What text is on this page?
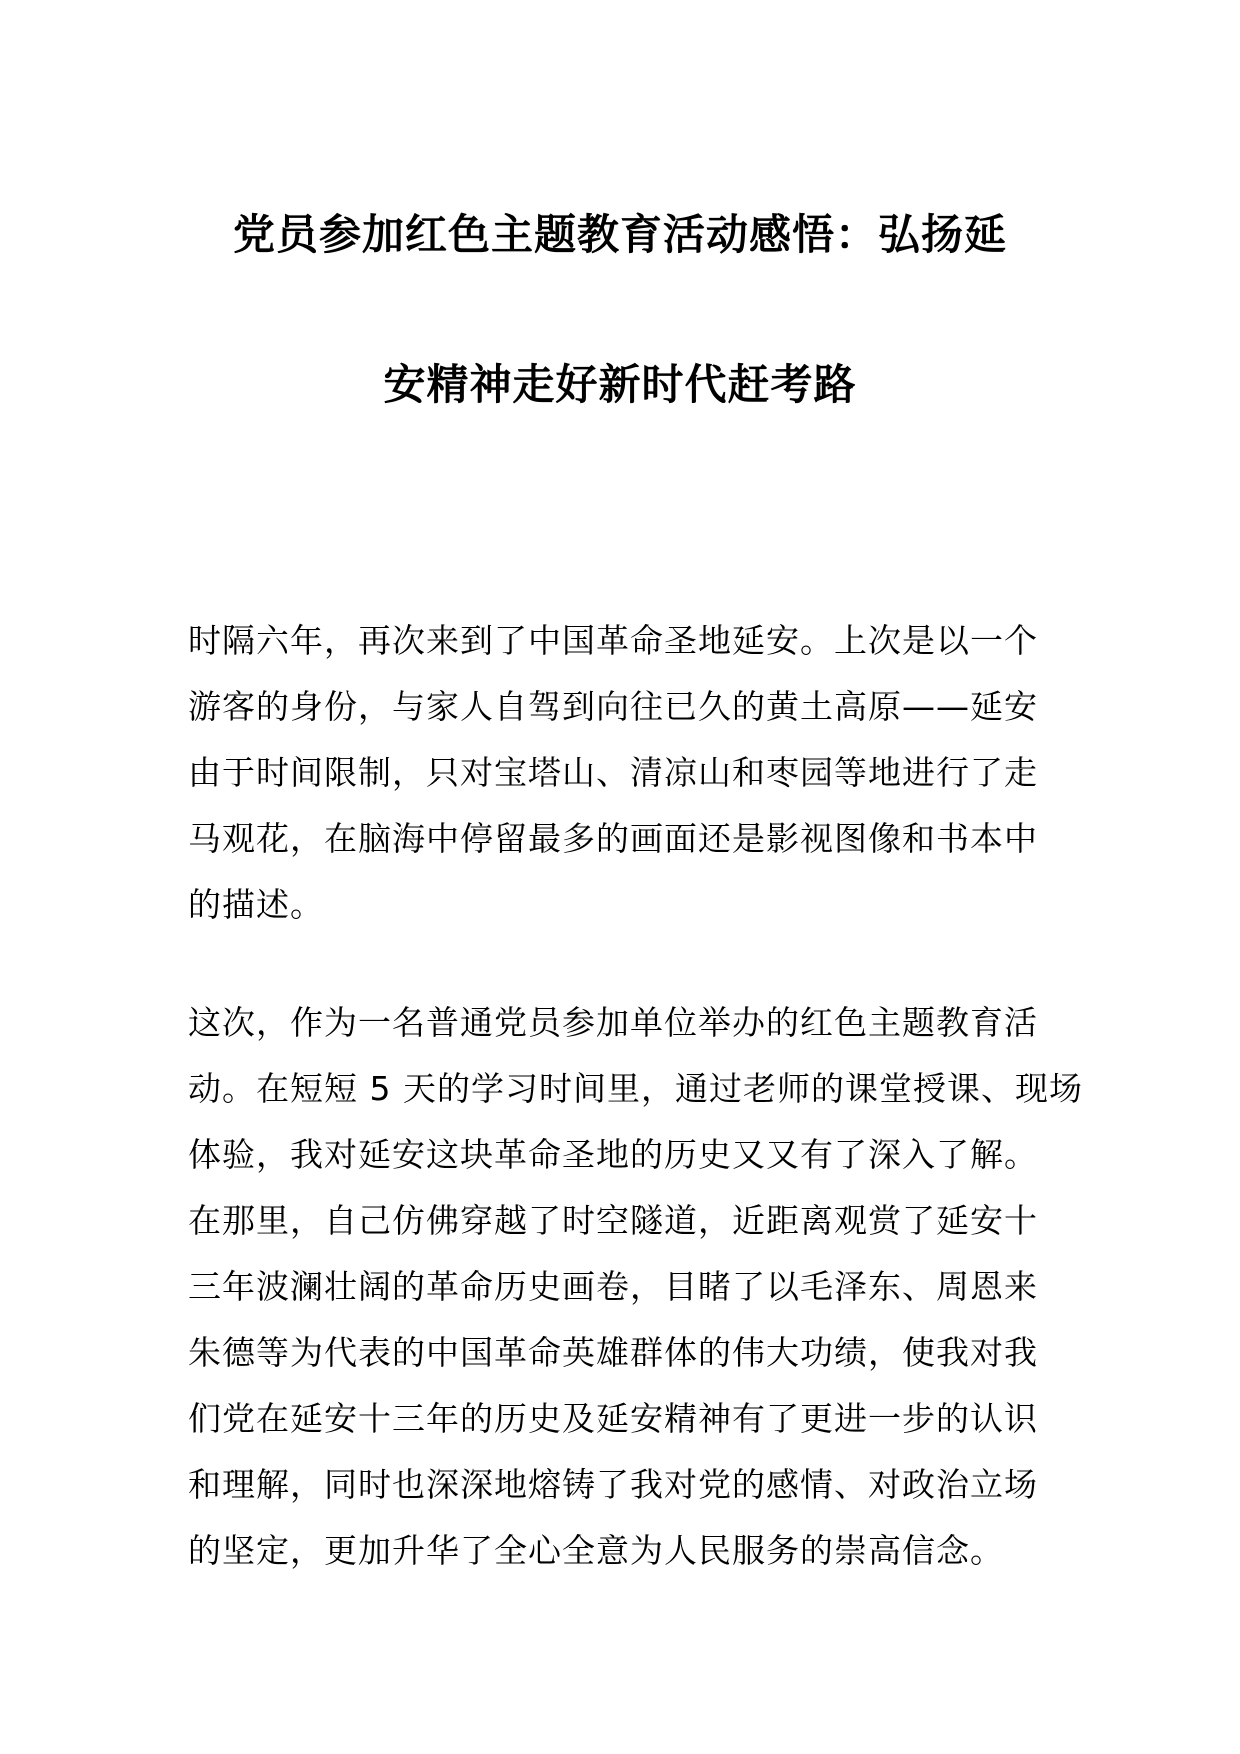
党员参加红色主题教育活动感悟：弘扬延
安精神走好新时代赶考路
时隔六年，再次来到了中国革命圣地延安。上次是以一个
游客的身份，与家人自驾到向往已久的黄土高原——延安
由于时间限制，只对宝塔山、清凉山和枣园等地进行了走
马观花，在脑海中停留最多的画面还是影视图像和书本中
的描述。
这次，作为一名普通党员参加单位举办的红色主题教育活
动。在短短 5 天的学习时间里，通过老师的课堂授课、现场
体验，我对延安这块革命圣地的历史又又有了深入了解。
在那里，自己仿佛穿越了时空隧道，近距离观赏了延安十
三年波澜壮阔的革命历史画卷，目睹了以毛泽东、周恩来
朱德等为代表的中国革命英雄群体的伟大功绩，使我对我
们党在延安十三年的历史及延安精神有了更进一步的认识
和理解，同时也深深地熔铸了我对党的感情、对政治立场
的坚定，更加升华了全心全意为人民服务的崇高信念。
